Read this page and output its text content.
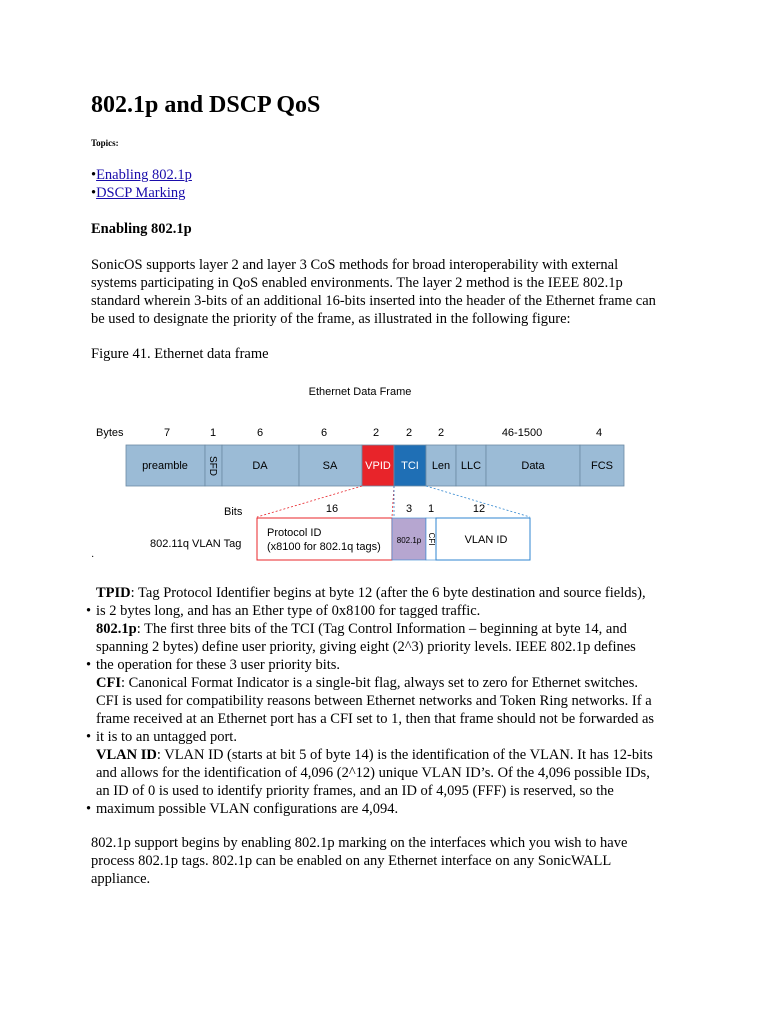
802.1p and DSCP QoS
Topics:
•Enabling 802.1p
•DSCP Marking
Enabling 802.1p
SonicOS supports layer 2 and layer 3 CoS methods for broad interoperability with external
systems participating in QoS enabled environments. The layer 2 method is the IEEE 802.1p
standard wherein 3-bits of an additional 16-bits inserted into the header of the Ethernet frame can
be used to designate the priority of the frame, as illustrated in the following figure:
Figure 41. Ethernet data frame
Ethernet Data Frame
Bytes	7	1	6	6	2 2 2	46-1500	4
preamble SFD	DA	SA	VPID TCI Len LLC	Data	FCS
Bits	16	3 1	12
802.11q VLAN Tag
Protocol ID
(x8100 for 802.1q tags)
802.1p CFI	VLAN ID
·
TPID: Tag Protocol Identifier begins at byte 12 (after the 6 byte destination and source fields),
• is 2 bytes long, and has an Ether type of 0x8100 for tagged traffic.
802.1p: The first three bits of the TCI (Tag Control Information – beginning at byte 14, and
spanning 2 bytes) define user priority, giving eight (2^3) priority levels. IEEE 802.1p defines
• the operation for these 3 user priority bits.
CFI: Canonical Format Indicator is a single-bit flag, always set to zero for Ethernet switches.
CFI is used for compatibility reasons between Ethernet networks and Token Ring networks. If a
frame received at an Ethernet port has a CFI set to 1, then that frame should not be forwarded as
• it is to an untagged port.
VLAN ID: VLAN ID (starts at bit 5 of byte 14) is the identification of the VLAN. It has 12-bits
and allows for the identification of 4,096 (2^12) unique VLAN ID’s. Of the 4,096 possible IDs,
an ID of 0 is used to identify priority frames, and an ID of 4,095 (FFF) is reserved, so the
• maximum possible VLAN configurations are 4,094.
802.1p support begins by enabling 802.1p marking on the interfaces which you wish to have
process 802.1p tags. 802.1p can be enabled on any Ethernet interface on any SonicWALL
appliance.
